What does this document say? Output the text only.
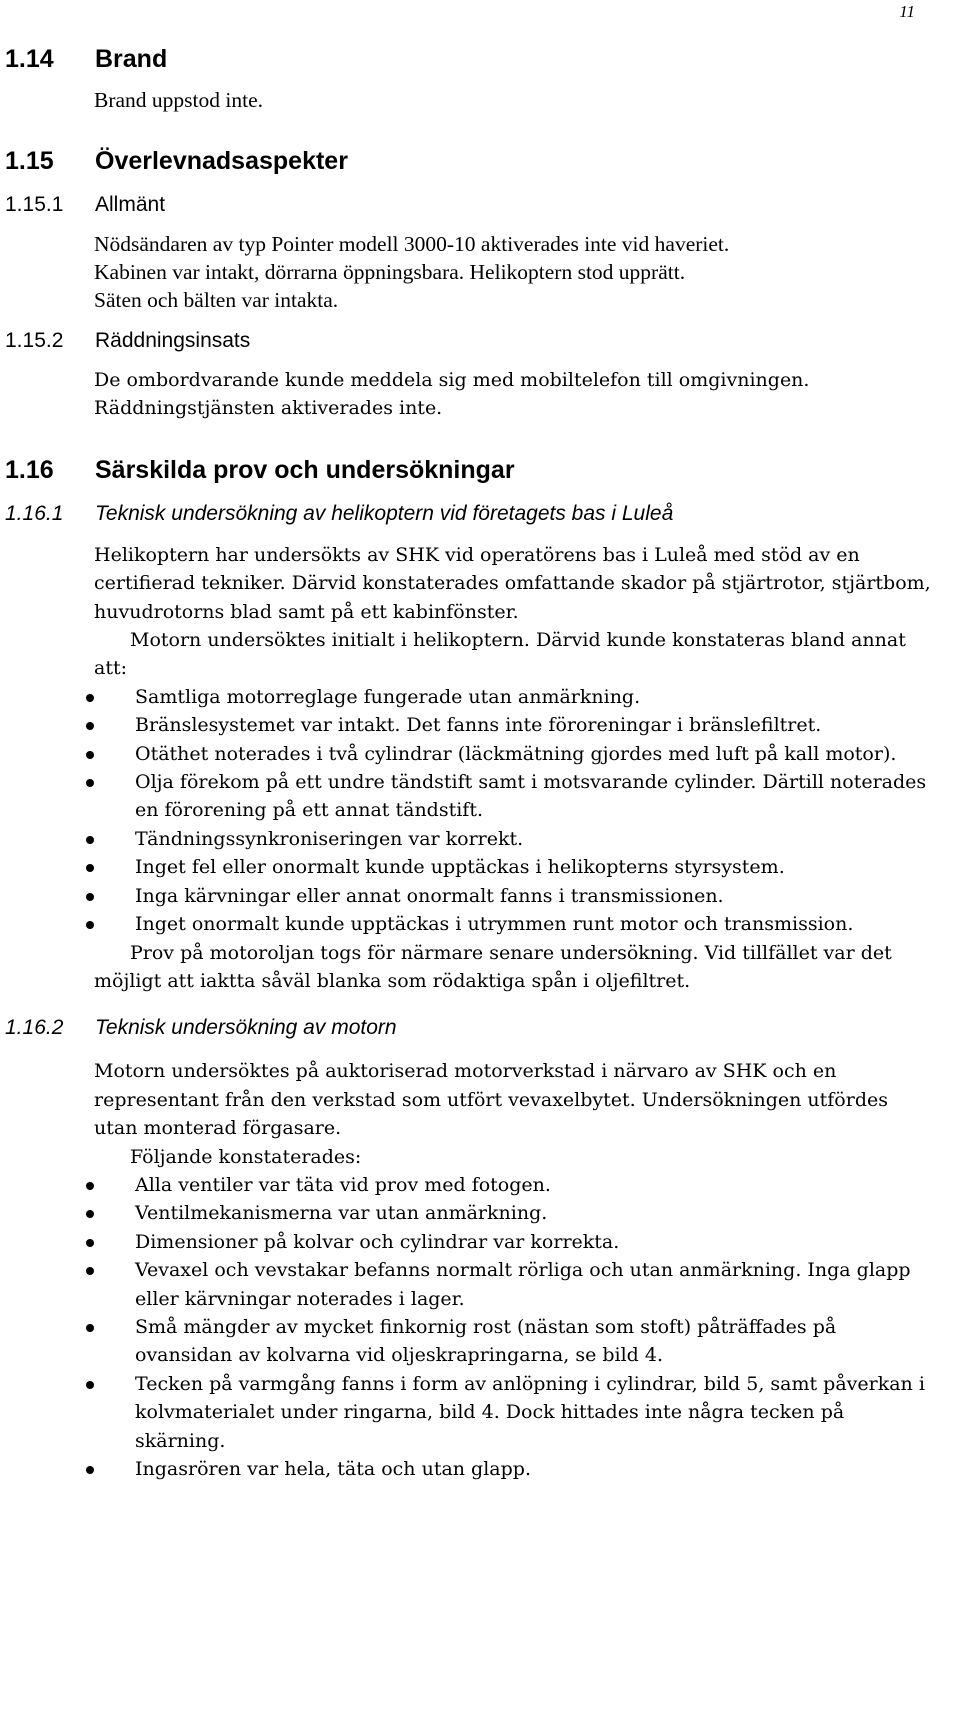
11
1.14 Brand
Brand uppstod inte.
1.15 Överlevnadsaspekter
1.15.1 Allmänt
Nödsändaren av typ Pointer modell 3000-10 aktiverades inte vid haveriet.
Kabinen var intakt, dörrarna öppningsbara. Helikoptern stod upprätt.
Säten och bälten var intakta.
1.15.2 Räddningsinsats
De ombordvarande kunde meddela sig med mobiltelefon till omgivningen.
Räddningstjänsten aktiverades inte.
1.16 Särskilda prov och undersökningar
1.16.1 Teknisk undersökning av helikoptern vid företagets bas i Luleå
Helikoptern har undersökts av SHK vid operatörens bas i Luleå med stöd av en certifierad tekniker. Därvid konstaterades omfattande skador på stjärtrotor, stjärtbom, huvudrotorns blad samt på ett kabinfönster.
Motorn undersöktes initialt i helikoptern. Därvid kunde konstateras bland annat att:
Samtliga motorreglage fungerade utan anmärkning.
Bränslesystemet var intakt. Det fanns inte föroreningar i bränslefiltret.
Otäthet noterades i två cylindrar (läckmätning gjordes med luft på kall motor).
Olja förekom på ett undre tändstift samt i motsvarande cylinder. Därtill noterades en förorening på ett annat tändstift.
Tändningssynkroniseringen var korrekt.
Inget fel eller onormalt kunde upptäckas i helikopterns styrsystem.
Inga kärvningar eller annat onormalt fanns i transmissionen.
Inget onormalt kunde upptäckas i utrymmen runt motor och transmission.
Prov på motoroljan togs för närmare senare undersökning. Vid tillfället var det möjligt att iaktta såväl blanka som rödaktiga spån i oljefiltret.
1.16.2 Teknisk undersökning av motorn
Motorn undersöktes på auktoriserad motorverkstad i närvaro av SHK och en representant från den verkstad som utfört vevaxelbytet. Undersökningen utfördes utan monterad förgasare.
Följande konstaterades:
Alla ventiler var täta vid prov med fotogen.
Ventilmekanismerna var utan anmärkning.
Dimensioner på kolvar och cylindrar var korrekta.
Vevaxel och vevstakar befanns normalt rörliga och utan anmärkning. Inga glapp eller kärvningar noterades i lager.
Små mängder av mycket finkornig rost (nästan som stoft) påträffades på ovansidan av kolvarna vid oljeskrapringarna, se bild 4.
Tecken på varmgång fanns i form av anlöpning i cylindrar, bild 5, samt påverkan i kolvmaterialet under ringarna, bild 4. Dock hittades inte några tecken på skärning.
Ingasrören var hela, täta och utan glapp.
